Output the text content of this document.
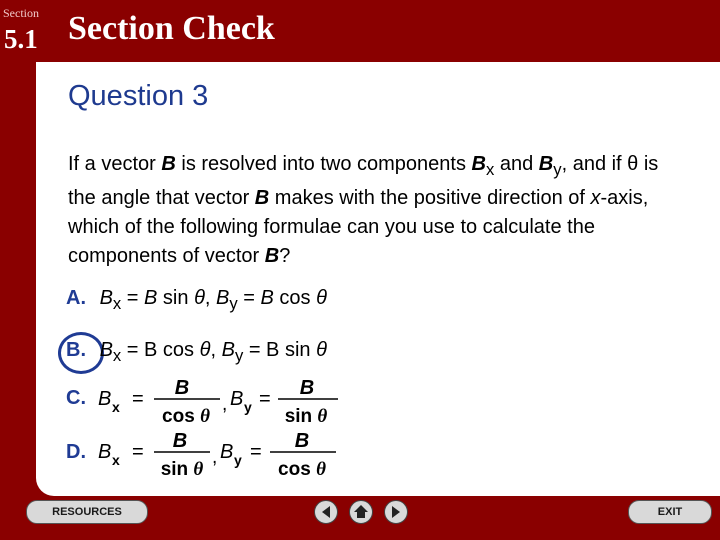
Section
5.1 Section Check
Question 3
If a vector B is resolved into two components $B_x$ and $B_y$, and if θ is the angle that vector B makes with the positive direction of x-axis, which of the following formulae can you use to calculate the components of vector B?
A. $B_x = B$ sin θ, $B_y = B$ cos θ
B. $B_x = B$ cos θ, $B_y = B$ sin θ
C. B x = B
cos θ
, B y = B
sin θ
D. B x = B
sin θ
, B y = B
cos θ
RESOURCES	EXIT
